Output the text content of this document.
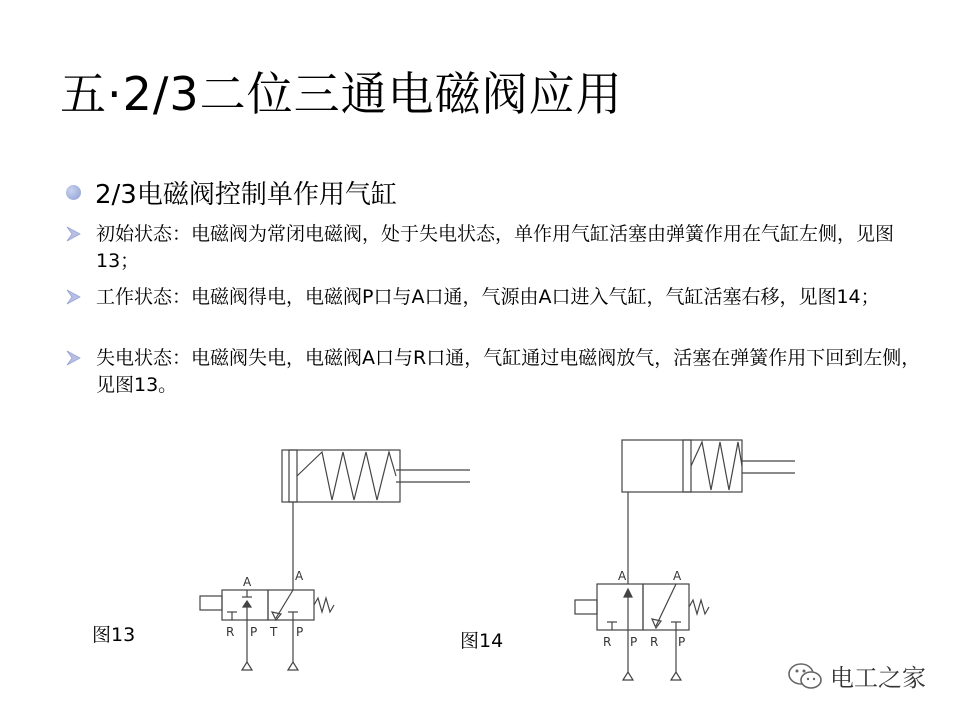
五·2/3二位三通电磁阀应用
2/3电磁阀控制单作用气缸
初始状态：电磁阀为常闭电磁阀，处于失电状态，单作用气缸活塞由弹簧作用在气缸左侧，见图13；
工作状态：电磁阀得电，电磁阀P口与A口通，气源由A口进入气缸，气缸活塞右移，见图14；
失电状态：电磁阀失电，电磁阀A口与R口通，气缸通过电磁阀放气，活塞在弹簧作用下回到左侧，见图13。
A	A
R P T P
A	A
R P R P
图13	图14
电工之家
